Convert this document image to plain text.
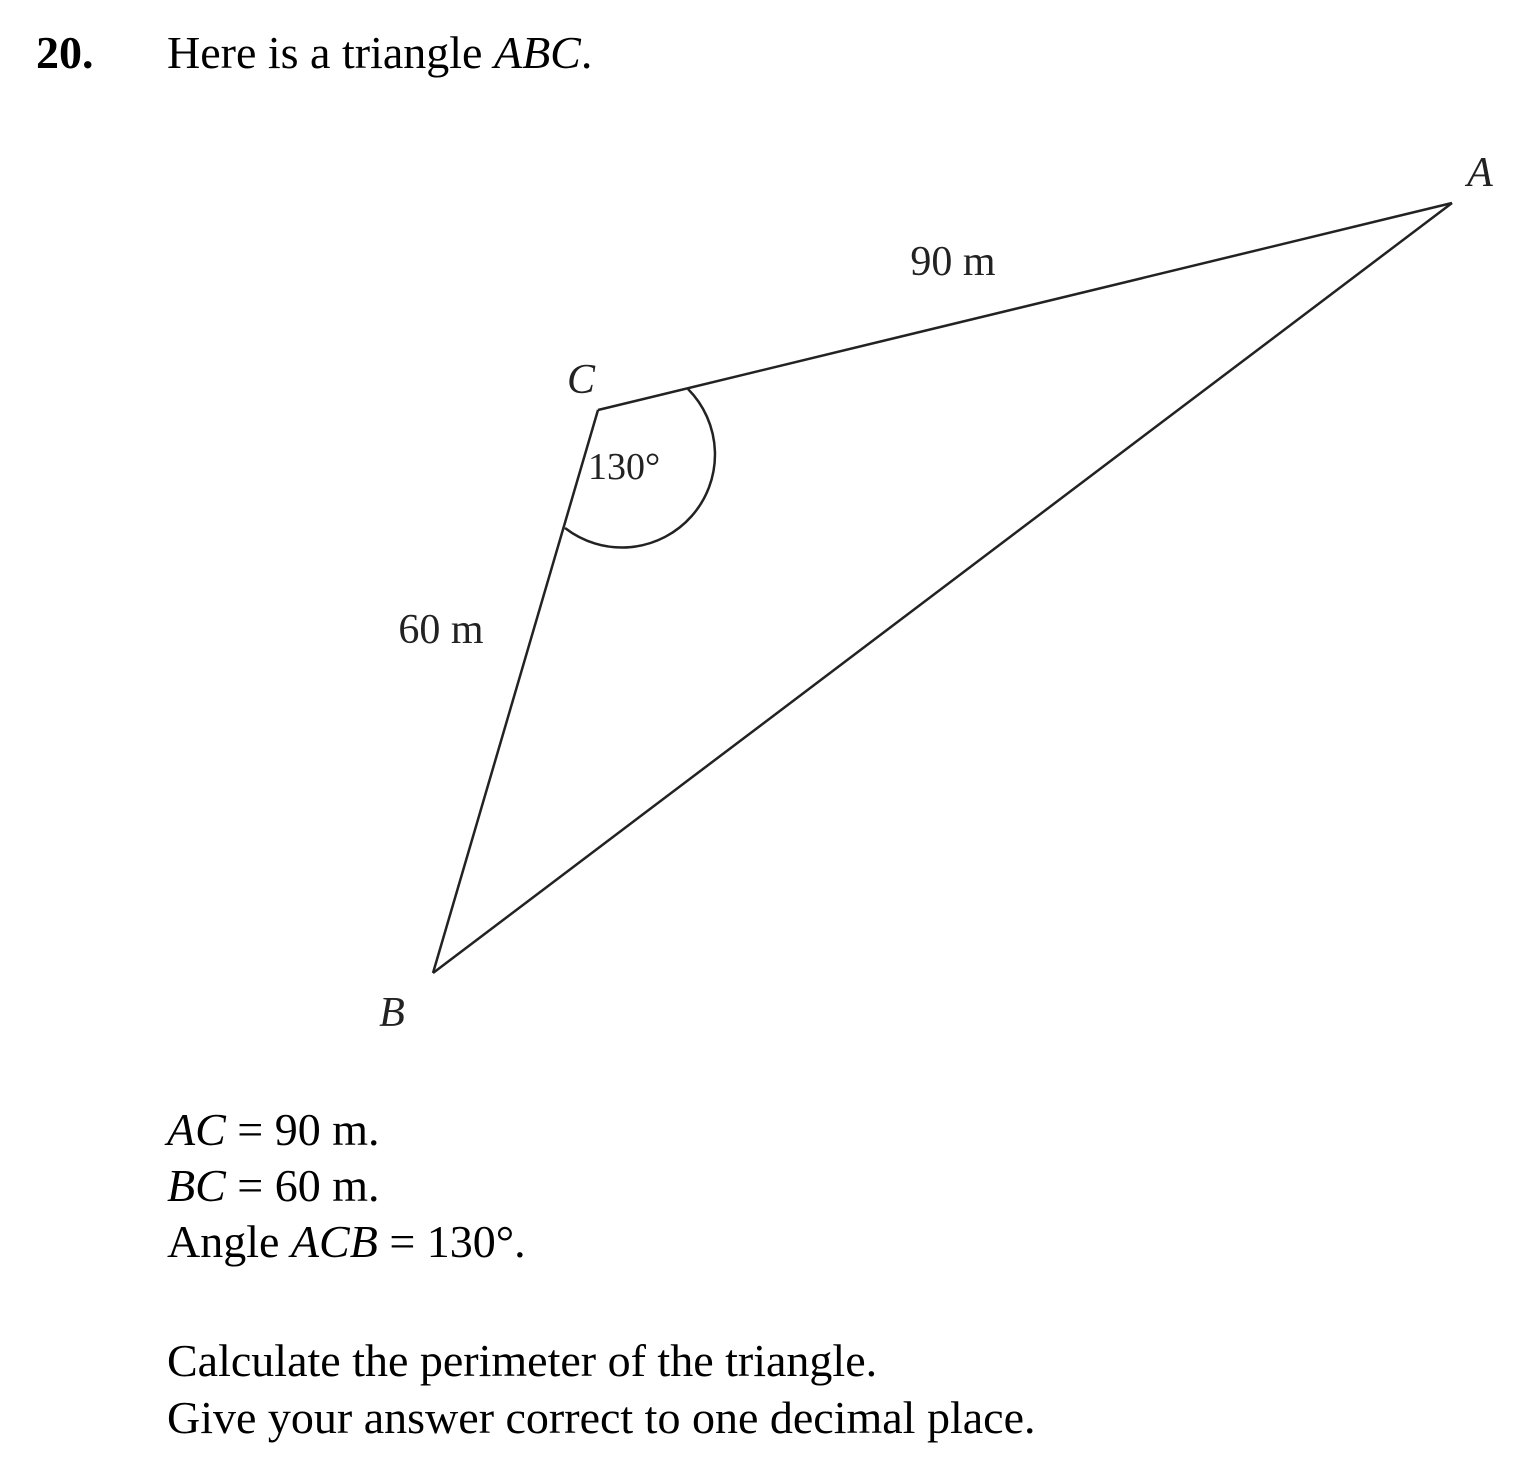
20. Here is a triangle ABC.
A
B
C
90 m
60 m
130°
AC = 90 m.
BC = 60 m.
Angle ACB = 130°.
Calculate the perimeter of the triangle.
Give your answer correct to one decimal place.
